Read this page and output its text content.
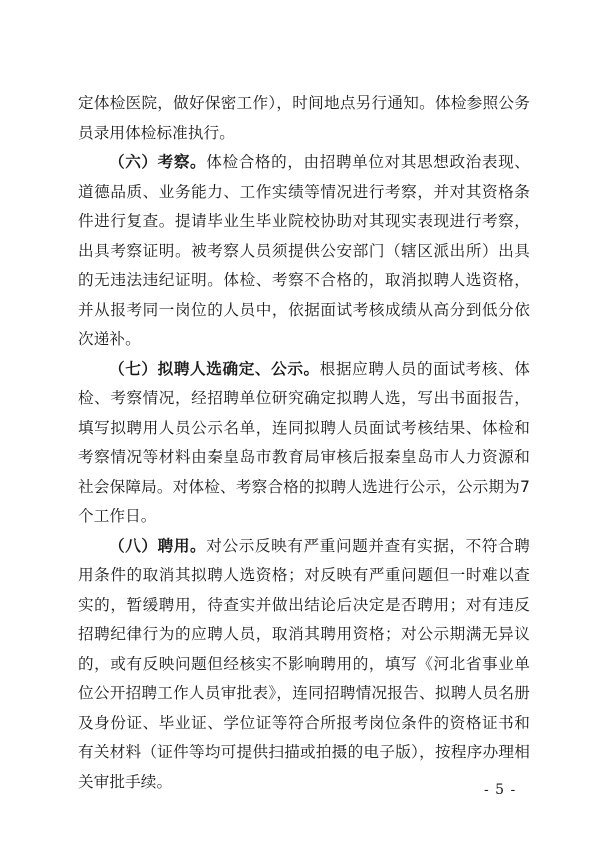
定体检医院，做好保密工作），时间地点另行通知。体检参照公务员录用体检标准执行。

（六）考察。体检合格的，由招聘单位对其思想政治表现、道德品质、业务能力、工作实绩等情况进行考察，并对其资格条件进行复查。提请毕业生毕业院校协助对其现实表现进行考察，出具考察证明。被考察人员须提供公安部门（辖区派出所）出具的无违法违纪证明。体检、考察不合格的，取消拟聘人选资格，并从报考同一岗位的人员中，依据面试考核成绩从高分到低分依次递补。

（七）拟聘人选确定、公示。根据应聘人员的面试考核、体检、考察情况，经招聘单位研究确定拟聘人选，写出书面报告，填写拟聘用人员公示名单，连同拟聘人员面试考核结果、体检和考察情况等材料由秦皇岛市教育局审核后报秦皇岛市人力资源和社会保障局。对体检、考察合格的拟聘人选进行公示，公示期为7个工作日。

（八）聘用。对公示反映有严重问题并查有实据，不符合聘用条件的取消其拟聘人选资格；对反映有严重问题但一时难以查实的，暂缓聘用，待查实并做出结论后决定是否聘用；对有违反招聘纪律行为的应聘人员，取消其聘用资格；对公示期满无异议的，或有反映问题但经核实不影响聘用的，填写《河北省事业单位公开招聘工作人员审批表》，连同招聘情况报告、拟聘人员名册及身份证、毕业证、学位证等符合所报考岗位条件的资格证书和有关材料（证件等均可提供扫描或拍摄的电子版），按程序办理相关审批手续。	- 5 -
